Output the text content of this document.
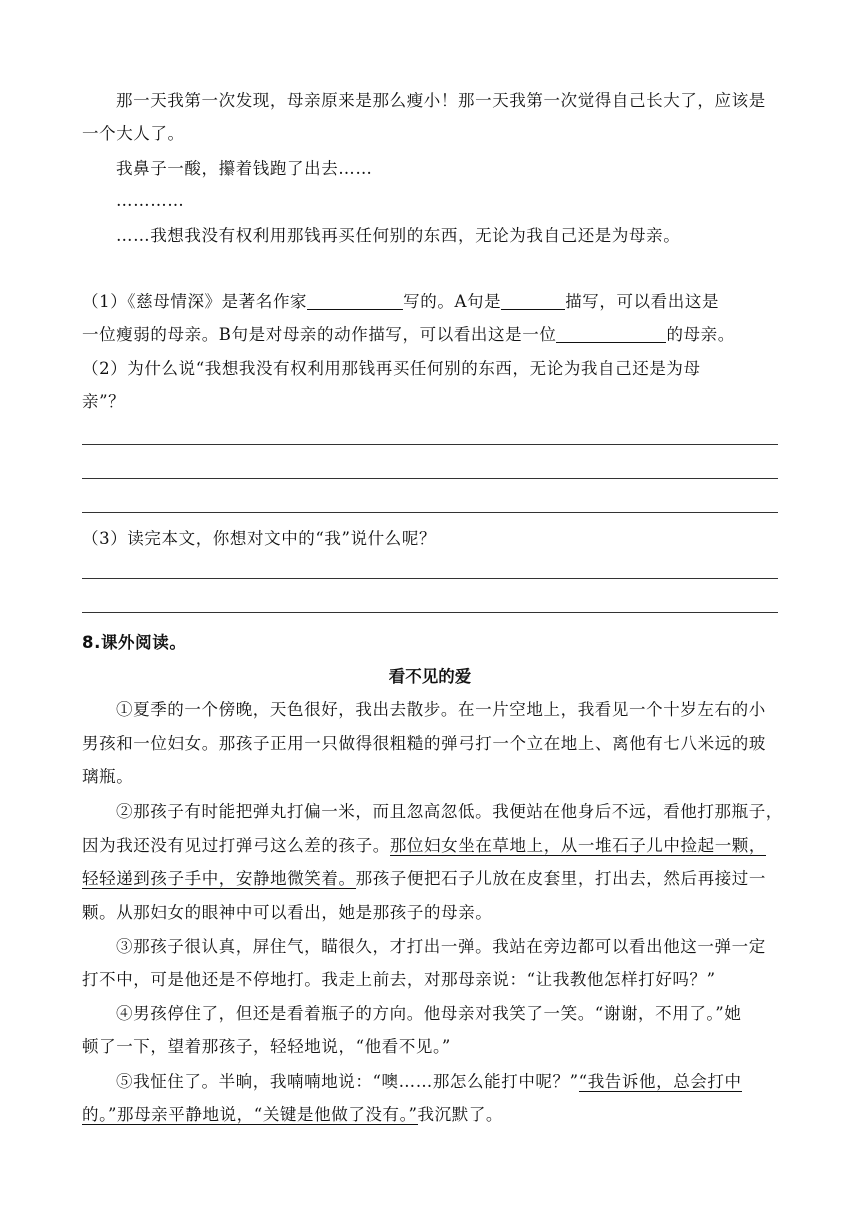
那一天我第一次发现，母亲原来是那么瘦小！那一天我第一次觉得自己长大了，应该是
一个大人了。
我鼻子一酸，攥着钱跑了出去……
…………
……我想我没有权利用那钱再买任何别的东西，无论为我自己还是为母亲。
（1）《慈母情深》是著名作家	写的。A句是	描写，可以看出这是
一位瘦弱的母亲。B句是对母亲的动作描写，可以看出这是一位	的母亲。
（2）为什么说“我想我没有权利用那钱再买任何别的东西，无论为我自己还是为母
亲”？
（3）读完本文，你想对文中的“我”说什么呢？
8.课外阅读。
看不见的爱
①夏季的一个傍晚，天色很好，我出去散步。在一片空地上，我看见一个十岁左右的小
男孩和一位妇女。那孩子正用一只做得很粗糙的弹弓打一个立在地上、离他有七八米远的玻
璃瓶。
②那孩子有时能把弹丸打偏一米，而且忽高忽低。我便站在他身后不远，看他打那瓶子，
因为我还没有见过打弹弓这么差的孩子。那位妇女坐在草地上，从一堆石子儿中捡起一颗，
轻轻递到孩子手中，安静地微笑着。那孩子便把石子儿放在皮套里，打出去，然后再接过一
颗。从那妇女的眼神中可以看出，她是那孩子的母亲。
③那孩子很认真，屏住气，瞄很久，才打出一弹。我站在旁边都可以看出他这一弹一定
打不中，可是他还是不停地打。我走上前去，对那母亲说：“让我教他怎样打好吗？”
④男孩停住了，但还是看着瓶子的方向。他母亲对我笑了一笑。“谢谢，不用了。”她
顿了一下，望着那孩子，轻轻地说，“他看不见。”
⑤我怔住了。半晌，我喃喃地说：“噢……那怎么能打中呢？”“我告诉他，总会打中
的。”那母亲平静地说，“关键是他做了没有。”我沉默了。
